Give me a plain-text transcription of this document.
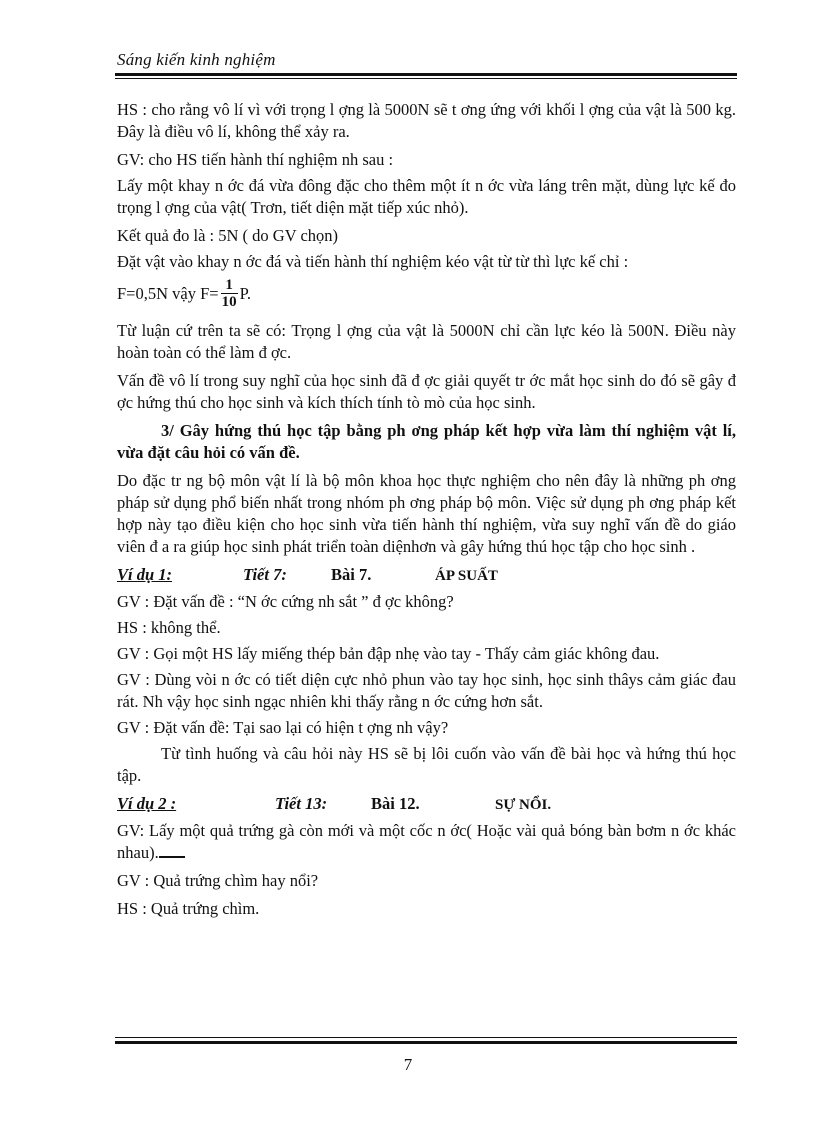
Sáng kiến kinh nghiệm

HS : cho rằng vô lí vì với trọng l ợng là 5000N sẽ t ơng ứng với khối l ợng của vật là 500 kg. Đây là điều vô lí, không thể xảy ra.

GV: cho HS tiến hành thí nghiệm nh sau :

Lấy một khay n ớc đá vừa đông đặc cho thêm một ít n ớc vừa láng trên mặt, dùng lực kế đo trọng l ợng của vật( Trơn, tiết diện mặt tiếp xúc nhỏ).

Kết quả đo là : 5N ( do GV chọn)

Đặt vật vào khay n ớc đá và tiến hành thí nghiệm kéo vật từ từ thì lực kế chỉ :

F=0,5N vậy $F= \frac{1}{10} P$.

Từ luận cứ trên ta sẽ có: Trọng l ợng của vật là 5000N chỉ cần lực kéo là 500N. Điều này hoàn toàn có thể làm đ ợc.

Vấn đề vô lí trong suy nghĩ của học sinh đã đ ợc giải quyết tr ớc mắt học sinh do đó sẽ gây đ ợc hứng thú cho học sinh và kích thích tính tò mò của học sinh.

3/ Gây hứng thú học tập bằng ph ơng pháp kết hợp vừa làm thí nghiệm vật lí, vừa đặt câu hỏi có vấn đề.

Do đặc tr ng bộ môn vật lí là bộ môn khoa học thực nghiệm cho nên đây là những ph ơng pháp sử dụng phổ biến nhất trong nhóm ph ơng pháp bộ môn. Việc sử dụng ph ơng pháp kết hợp này tạo điều kiện cho học sinh vừa tiến hành thí nghiệm, vừa suy nghĩ vấn đề do giáo viên đ a ra giúp học sinh phát triển toàn diệnhơn và gây hứng thú học tập cho học sinh .

Ví dụ 1:	Tiết 7:	Bài 7.	ÁP SUẤT

GV : Đặt vấn đề : “N ớc cứng nh sắt ” đ ợc không?

HS : không thể.

GV : Gọi một HS lấy miếng thép bản đập nhẹ vào tay - Thấy cảm giác không đau.

GV : Dùng vòi n ớc có tiết diện cực nhỏ phun vào tay học sinh, học sinh thâys cảm giác đau rát. Nh vậy học sinh ngạc nhiên khi thấy rằng n ớc cứng hơn sắt.

GV : Đặt vấn đề: Tại sao lại có hiện t ợng nh vậy?

Từ tình huống và câu hỏi này HS sẽ bị lôi cuốn vào vấn đề bài học và hứng thú học tập.

Ví dụ 2 :	Tiết 13:	Bài 12.	SỰ NỔI.

GV: Lấy một quả trứng gà còn mới và một cốc n ớc( Hoặc vài quả bóng bàn bơm n ớc khác nhau).

GV : Quả trứng chìm hay nổi?

HS : Quả trứng chìm.

7
